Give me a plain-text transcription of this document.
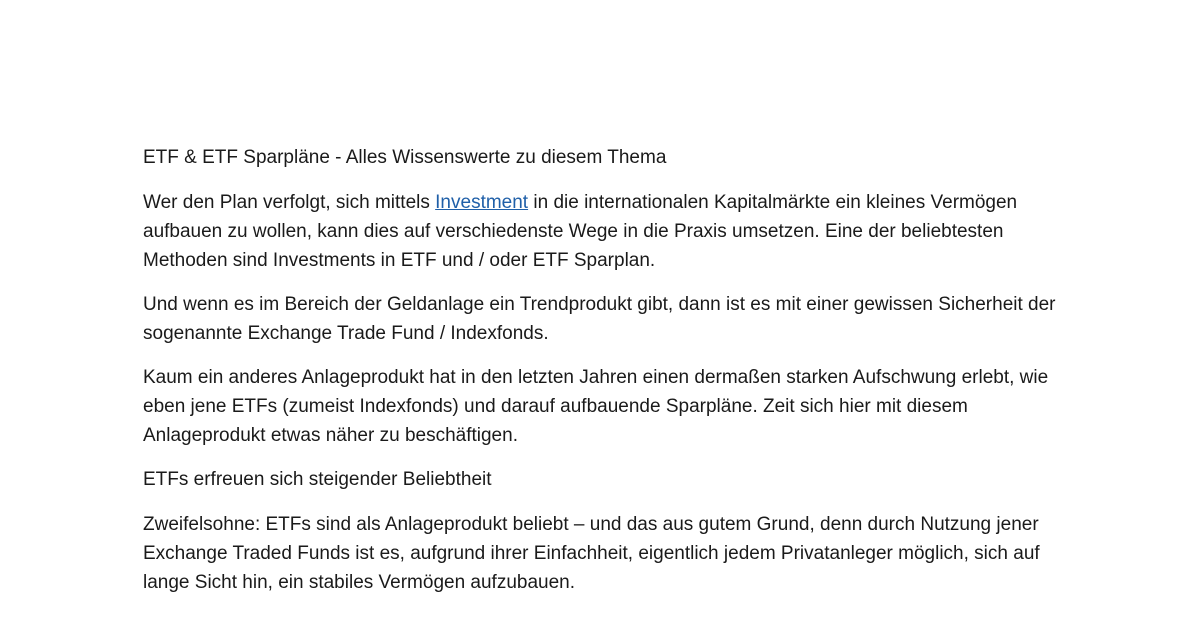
ETF & ETF Sparpläne - Alles Wissenswerte zu diesem Thema

Wer den Plan verfolgt, sich mittels Investment in die internationalen Kapitalmärkte ein kleines Vermögen aufbauen zu wollen, kann dies auf verschiedenste Wege in die Praxis umsetzen. Eine der beliebtesten Methoden sind Investments in ETF und / oder ETF Sparplan.

Und wenn es im Bereich der Geldanlage ein Trendprodukt gibt, dann ist es mit einer gewissen Sicherheit der sogenannte Exchange Trade Fund / Indexfonds.

Kaum ein anderes Anlageprodukt hat in den letzten Jahren einen dermaßen starken Aufschwung erlebt, wie eben jene ETFs (zumeist Indexfonds) und darauf aufbauende Sparpläne. Zeit sich hier mit diesem Anlageprodukt etwas näher zu beschäftigen.

ETFs erfreuen sich steigender Beliebtheit

Zweifelsohne: ETFs sind als Anlageprodukt beliebt – und das aus gutem Grund, denn durch Nutzung jener Exchange Traded Funds ist es, aufgrund ihrer Einfachheit, eigentlich jedem Privatanleger möglich, sich auf lange Sicht hin, ein stabiles Vermögen aufzubauen.
